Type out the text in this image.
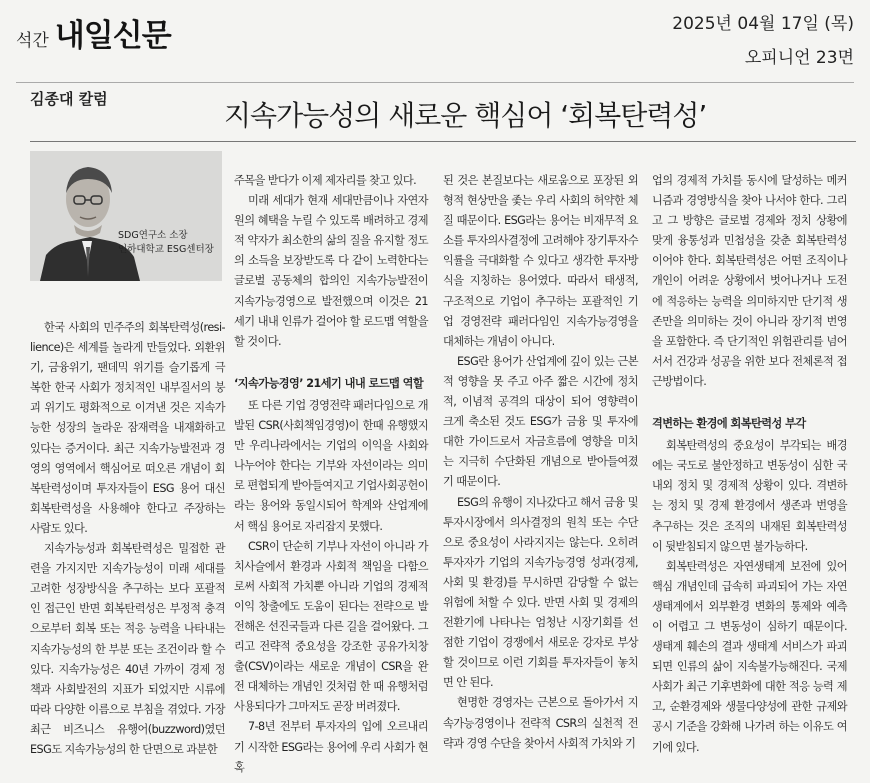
석간 내일신문	2025년 04월 17일 (목)
오피니언 23면
김종대 칼럼	지속가능성의 새로운 핵심어 ‘회복탄력성’
SDG연구소 소장
인하대학교 ESG센터장

한국 사회의 민주주의 회복탄력성(resi-lience)은 세계를 놀라게 만들었다. 외환위기, 금융위기, 팬데믹 위기를 슬기롭게 극복한 한국 사회가 정치적인 내부질서의 붕괴 위기도 평화적으로 이겨낸 것은 지속가능한 성장의 놀라운 잠재력을 내재화하고 있다는 증거이다. 최근 지속가능발전과 경영의 영역에서 핵심어로 떠오른 개념이 회복탄력성이며 투자자들이 ESG 용어 대신 회복탄력성을 사용해야 한다고 주장하는 사람도 있다.

지속가능성과 회복탄력성은 밀접한 관련을 가지지만 지속가능성이 미래 세대를 고려한 성장방식을 추구하는 보다 포괄적인 접근인 반면 회복탄력성은 부정적 충격으로부터 회복 또는 적응 능력을 나타내는 지속가능성의 한 부분 또는 조건이라 할 수 있다. 지속가능성은 40년 가까이 경제 정책과 사회발전의 지표가 되었지만 시류에 따라 다양한 이름으로 부침을 겪었다. 가장 최근 비즈니스 유행어(buzzword)였던 ESG도 지속가능성의 한 단면으로 과분한

주목을 받다가 이제 제자리를 찾고 있다.

미래 세대가 현재 세대만큼이나 자연자원의 혜택을 누릴 수 있도록 배려하고 경제적 약자가 최소한의 삶의 질을 유지할 정도의 소득을 보장받도록 다 같이 노력한다는 글로벌 공동체의 합의인 지속가능발전이 지속가능경영으로 발전했으며 이것은 21세기 내내 인류가 걸어야 할 로드맵 역할을 할 것이다.

‘지속가능경영’ 21세기 내내 로드맵 역할

또 다른 기업 경영전략 패러다임으로 개발된 CSR(사회책임경영)이 한때 유행했지만 우리나라에서는 기업의 이익을 사회와 나누어야 한다는 기부와 자선이라는 의미로 편협되게 받아들여지고 기업사회공헌이라는 용어와 동일시되어 학계와 산업계에서 핵심 용어로 자리잡지 못했다.

CSR이 단순히 기부나 자선이 아니라 가치사슬에서 환경과 사회적 책임을 다함으로써 사회적 가치뿐 아니라 기업의 경제적 이익 창출에도 도움이 된다는 전략으로 발전해온 선진국들과 다른 길을 걸어왔다. 그리고 전략적 중요성을 강조한 공유가치창출(CSV)이라는 새로운 개념이 CSR을 완전 대체하는 개념인 것처럼 한 때 유행처럼 사용되다가 그마저도 곧장 버려졌다.

7-8년 전부터 투자자의 입에 오르내리기 시작한 ESG라는 용어에 우리 사회가 현혹

된 것은 본질보다는 새로움으로 포장된 외형적 현상만을 좇는 우리 사회의 허약한 체질 때문이다. ESG라는 용어는 비재무적 요소를 투자의사결정에 고려해야 장기투자수익률을 극대화할 수 있다고 생각한 투자방식을 지칭하는 용어였다. 따라서 태생적, 구조적으로 기업이 추구하는 포괄적인 기업 경영전략 패러다임인 지속가능경영을 대체하는 개념이 아니다.

ESG란 용어가 산업계에 깊이 있는 근본적 영향을 못 주고 아주 짧은 시간에 정치적, 이념적 공격의 대상이 되어 영향력이 크게 축소된 것도 ESG가 금융 및 투자에 대한 가이드로서 자금흐름에 영향을 미치는 지극히 수단화된 개념으로 받아들여졌기 때문이다.

ESG의 유행이 지나갔다고 해서 금융 및 투자시장에서 의사결정의 원칙 또는 수단으로 중요성이 사라지지는 않는다. 오히려 투자자가 기업의 지속가능경영 성과(경제, 사회 및 환경)를 무시하면 감당할 수 없는 위험에 처할 수 있다. 반면 사회 및 경제의 전환기에 나타나는 엄청난 시장기회를 선점한 기업이 경쟁에서 새로운 강자로 부상할 것이므로 이런 기회를 투자자들이 놓치면 안 된다.

현명한 경영자는 근본으로 돌아가서 지속가능경영이나 전략적 CSR의 실천적 전략과 경영 수단을 찾아서 사회적 가치와 기

업의 경제적 가치를 동시에 달성하는 메커니즘과 경영방식을 찾아 나서야 한다. 그리고 그 방향은 글로벌 경제와 정치 상황에 맞게 융통성과 민첩성을 갖춘 회복탄력성이어야 한다. 회복탄력성은 어떤 조직이나 개인이 어려운 상황에서 벗어나거나 도전에 적응하는 능력을 의미하지만 단기적 생존만을 의미하는 것이 아니라 장기적 번영을 포함한다. 즉 단기적인 위험관리를 넘어서서 건강과 성공을 위한 보다 전체론적 접근방법이다.

격변하는 환경에 회복탄력성 부각

회복탄력성의 중요성이 부각되는 배경에는 국도로 불안정하고 변동성이 심한 국내외 정치 및 경제적 상황이 있다. 격변하는 정치 및 경제 환경에서 생존과 번영을 추구하는 것은 조직의 내재된 회복탄력성이 뒷받침되지 않으면 불가능하다.

회복탄력성은 자연생태계 보전에 있어 핵심 개념인데 급속히 파괴되어 가는 자연생태계에서 외부환경 변화의 통제와 예측이 어렵고 그 변동성이 심하기 때문이다. 생태계 훼손의 결과 생태계 서비스가 파괴되면 인류의 삶이 지속불가능해진다. 국제사회가 최근 기후변화에 대한 적응 능력 제고, 순환경제와 생물다양성에 관한 규제와 공시 기준을 강화해 나가려 하는 이유도 여기에 있다.
